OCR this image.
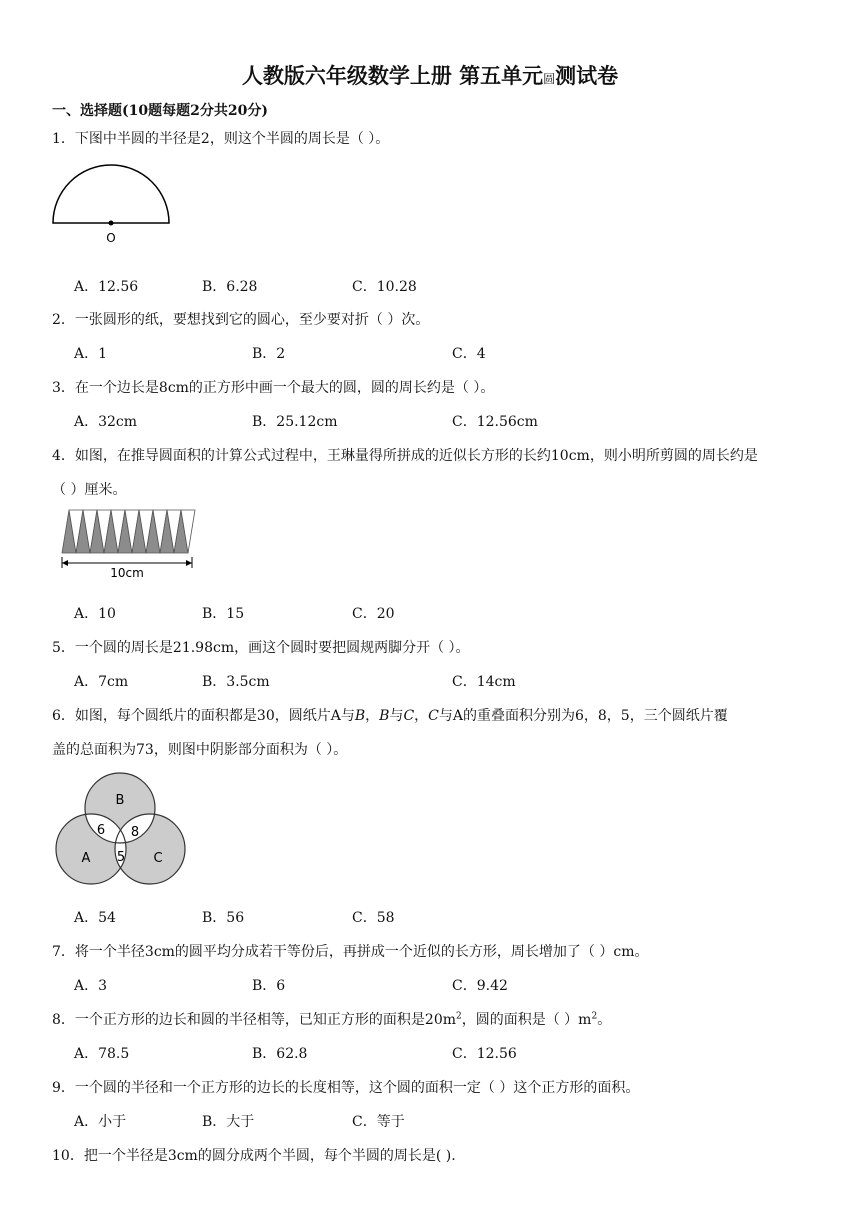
人教版六年级数学上册 第五单元圆测试卷
一、选择题(10题每题2分共20分)
1．下图中半圆的半径是2，则这个半圆的周长是（ ）。
O
A．12.56	B．6.28	C．10.28
2．一张圆形的纸，要想找到它的圆心，至少要对折（ ）次。
A．1	B．2	C．4
3．在一个边长是8cm的正方形中画一个最大的圆，圆的周长约是（ ）。
A．32cm	B．25.12cm	C．12.56cm
4．如图，在推导圆面积的计算公式过程中，王琳量得所拼成的近似长方形的长约10cm，则小明所剪圆的周长约是
（ ）厘米。
10cm
A．10	B．15	C．20
5．一个圆的周长是21.98cm，画这个圆时要把圆规两脚分开（ ）。
A．7cm	B．3.5cm	C．14cm
6．如图，每个圆纸片的面积都是30，圆纸片A与B，B与C，C与A的重叠面积分别为6，8，5，三个圆纸片覆
盖的总面积为73，则图中阴影部分面积为（ ）。
B
A	C
6 8
5
A．54	B．56	C．58
7．将一个半径3cm的圆平均分成若干等份后，再拼成一个近似的长方形，周长增加了（ ）cm。
A．3	B．6	C．9.42
8．一个正方形的边长和圆的半径相等，已知正方形的面积是$20m^2$，圆的面积是（ ）$m^2$。
A．78.5	B．62.8	C．12.56
9．一个圆的半径和一个正方形的边长的长度相等，这个圆的面积一定（ ）这个正方形的面积。
A．小于	B．大于	C．等于
10．把一个半径是3cm的圆分成两个半圆，每个半圆的周长是( ).
